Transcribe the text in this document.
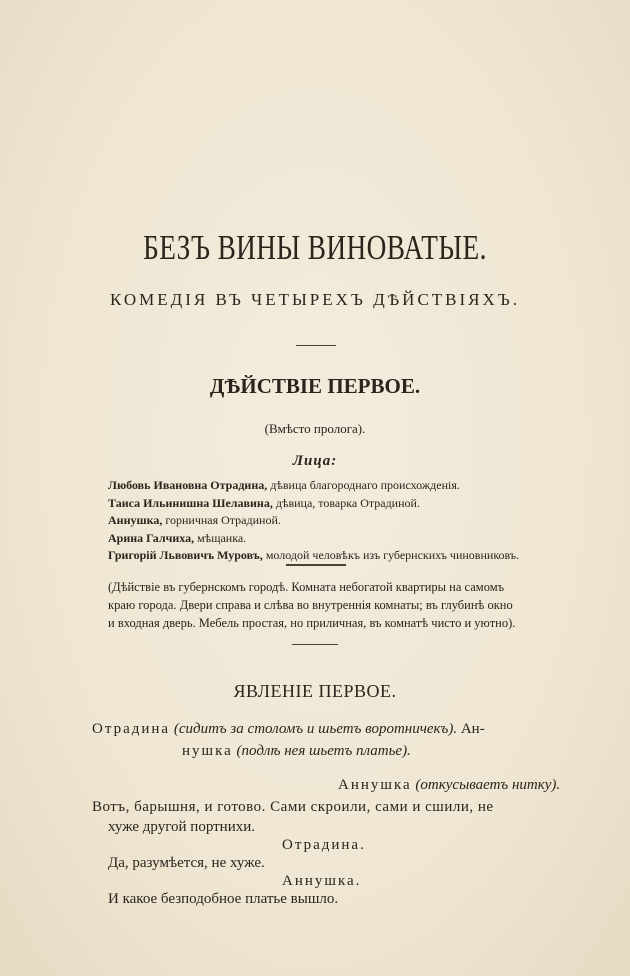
БЕЗЪ ВИНЫ ВИНОВАТЫЕ.
КОМЕДІЯ ВЪ ЧЕТЫРЕХЪ ДѢЙСТВІЯХЪ.
ДѢЙСТВІЕ ПЕРВОЕ.
(Вмѣсто пролога).
Лица:
Любовь Ивановна Отрадина, дѣвица благороднаго происхожденія.
Таиса Ильинишна Шелавина, дѣвица, товарка Отрадиной.
Аннушка, горничная Отрадиной.
Арина Галчиха, мѣщанка.
Григорій Львовичъ Муровъ, молодой человѣкъ изъ губернскихъ чиновниковъ.
(Дѣйствіе въ губернскомъ городѣ. Комната небогатой квартиры на самомъ
краю города. Двери справа и слѣва во внутреннія комнаты; въ глубинѣ окно
и входная дверь. Мебель простая, но приличная, въ комнатѣ чисто и уютно).
ЯВЛЕНІЕ ПЕРВОЕ.
Отрадина (сидитъ за столомъ и шьетъ воротничекъ). Ан-
нушка (подлѣ нея шьетъ платье).
Аннушка (откусываетъ нитку).
Вотъ, барышня, и готово. Сами скроили, сами и сшили, не
хуже другой портнихи.
Отрадина.
Да, разумѣется, не хуже.
Аннушка.
И какое безподобное платье вышло.
